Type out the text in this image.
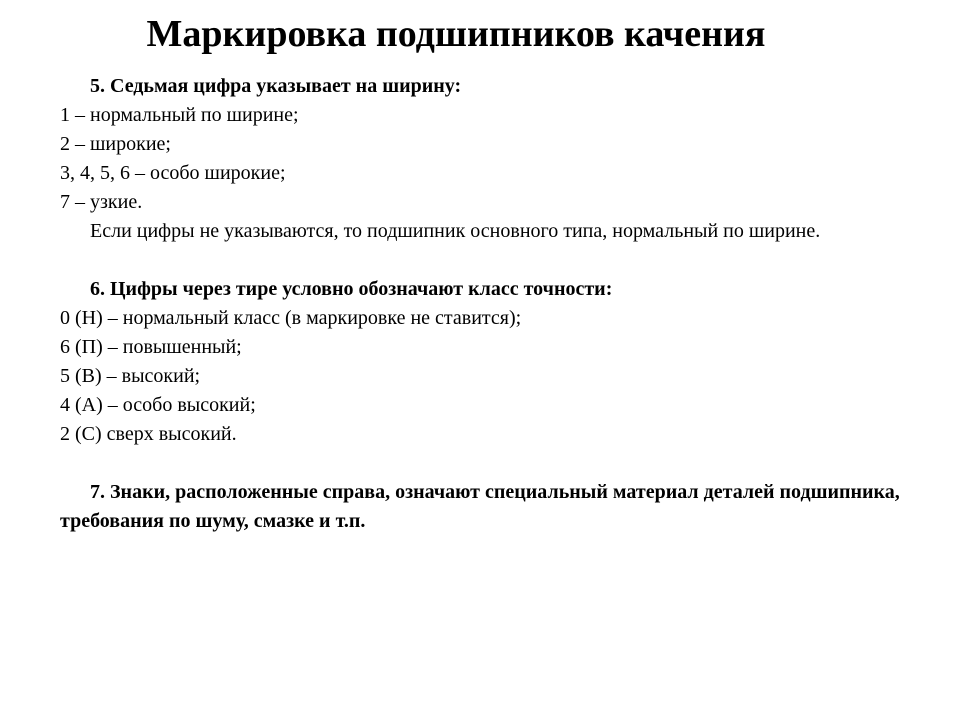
Маркировка подшипников качения
5. Седьмая цифра указывает на ширину:
1 – нормальный по ширине;
2 – широкие;
3, 4, 5, 6 – особо широкие;
7 – узкие.
Если цифры не указываются, то подшипник основного типа, нормальный по ширине.
6. Цифры через тире условно обозначают класс точности:
0 (Н) – нормальный класс (в маркировке не ставится);
6 (П) – повышенный;
5 (В) – высокий;
4 (А) – особо высокий;
2 (С) сверх высокий.
7. Знаки, расположенные справа, означают специальный материал деталей подшипника, требования по шуму, смазке и т.п.
